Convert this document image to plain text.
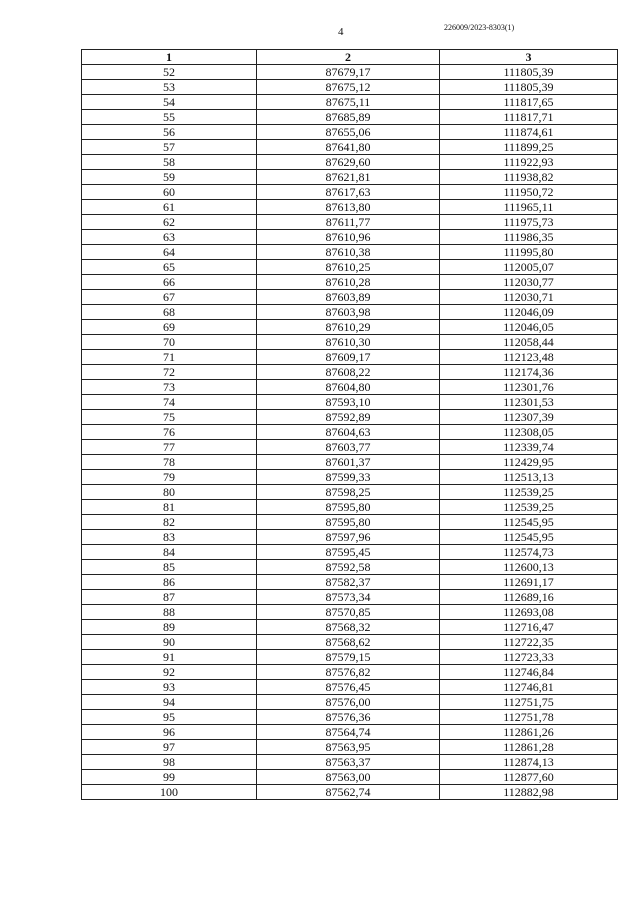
4	226009/2023-8303(1)
1	2	3
52	87679,17	111805,39
53	87675,12	111805,39
54	87675,11	111817,65
55	87685,89	111817,71
56	87655,06	111874,61
57	87641,80	111899,25
58	87629,60	111922,93
59	87621,81	111938,82
60	87617,63	111950,72
61	87613,80	111965,11
62	87611,77	111975,73
63	87610,96	111986,35
64	87610,38	111995,80
65	87610,25	112005,07
66	87610,28	112030,77
67	87603,89	112030,71
68	87603,98	112046,09
69	87610,29	112046,05
70	87610,30	112058,44
71	87609,17	112123,48
72	87608,22	112174,36
73	87604,80	112301,76
74	87593,10	112301,53
75	87592,89	112307,39
76	87604,63	112308,05
77	87603,77	112339,74
78	87601,37	112429,95
79	87599,33	112513,13
80	87598,25	112539,25
81	87595,80	112539,25
82	87595,80	112545,95
83	87597,96	112545,95
84	87595,45	112574,73
85	87592,58	112600,13
86	87582,37	112691,17
87	87573,34	112689,16
88	87570,85	112693,08
89	87568,32	112716,47
90	87568,62	112722,35
91	87579,15	112723,33
92	87576,82	112746,84
93	87576,45	112746,81
94	87576,00	112751,75
95	87576,36	112751,78
96	87564,74	112861,26
97	87563,95	112861,28
98	87563,37	112874,13
99	87563,00	112877,60
100	87562,74	112882,98
